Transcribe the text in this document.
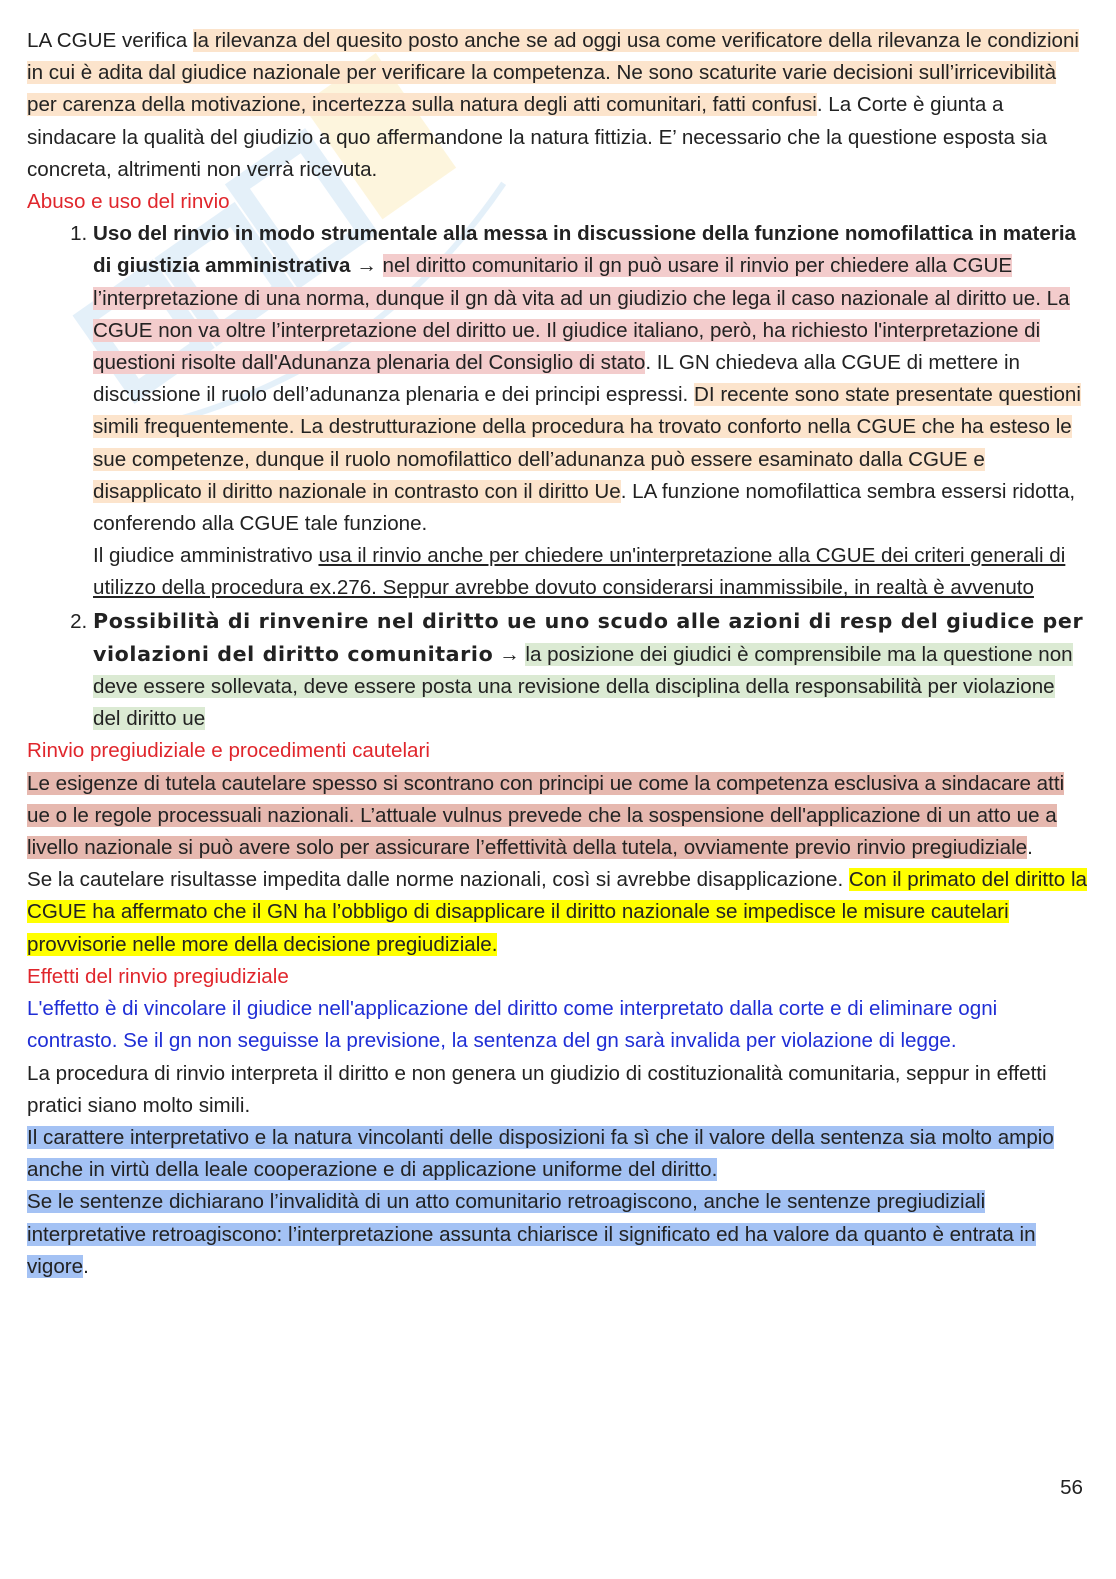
LA CGUE verifica la rilevanza del quesito posto anche se ad oggi usa come verificatore della rilevanza le condizioni in cui è adita dal giudice nazionale per verificare la competenza. Ne sono scaturite varie decisioni sull’irricevibilità per carenza della motivazione, incertezza sulla natura degli atti comunitari, fatti confusi. La Corte è giunta a sindacare la qualità del giudizio a quo affermandone la natura fittizia. E’ necessario che la questione esposta sia concreta, altrimenti non verrà ricevuta.

Abuso e uso del rinvio

1. Uso del rinvio in modo strumentale alla messa in discussione della funzione nomofilattica in materia di giustizia amministrativa → nel diritto comunitario il gn può usare il rinvio per chiedere alla CGUE l’interpretazione di una norma, dunque il gn dà vita ad un giudizio che lega il caso nazionale al diritto ue. La CGUE non va oltre l’interpretazione del diritto ue. Il giudice italiano, però, ha richiesto l'interpretazione di questioni risolte dall'Adunanza plenaria del Consiglio di stato. IL GN chiedeva alla CGUE di mettere in discussione il ruolo dell’adunanza plenaria e dei principi espressi. DI recente sono state presentate questioni simili frequentemente. La destrutturazione della procedura ha trovato conforto nella CGUE che ha esteso le sue competenze, dunque il ruolo nomofilattico dell’adunanza può essere esaminato dalla CGUE e disapplicato il diritto nazionale in contrasto con il diritto Ue. LA funzione nomofilattica sembra essersi ridotta, conferendo alla CGUE tale funzione.

Il giudice amministrativo usa il rinvio anche per chiedere un'interpretazione alla CGUE dei criteri generali di utilizzo della procedura ex.276. Seppur avrebbe dovuto considerarsi inammissibile, in realtà è avvenuto

2. Possibilità di rinvenire nel diritto ue uno scudo alle azioni di resp del giudice per violazioni del diritto comunitario → la posizione dei giudici è comprensibile ma la questione non deve essere sollevata, deve essere posta una revisione della disciplina della responsabilità per violazione del diritto ue

Rinvio pregiudiziale e procedimenti cautelari

Le esigenze di tutela cautelare spesso si scontrano con principi ue come la competenza esclusiva a sindacare atti ue o le regole processuali nazionali. L’attuale vulnus prevede che la sospensione dell'applicazione di un atto ue a livello nazionale si può avere solo per assicurare l’effettività della tutela, ovviamente previo rinvio pregiudiziale.

Se la cautelare risultasse impedita dalle norme nazionali, così si avrebbe disapplicazione. Con il primato del diritto la CGUE ha affermato che il GN ha l’obbligo di disapplicare il diritto nazionale se impedisce le misure cautelari provvisorie nelle more della decisione pregiudiziale.

Effetti del rinvio pregiudiziale

L'effetto è di vincolare il giudice nell'applicazione del diritto come interpretato dalla corte e di eliminare ogni contrasto. Se il gn non seguisse la previsione, la sentenza del gn sarà invalida per violazione di legge.

La procedura di rinvio interpreta il diritto e non genera un giudizio di costituzionalità comunitaria, seppur in effetti pratici siano molto simili.

Il carattere interpretativo e la natura vincolanti delle disposizioni fa sì che il valore della sentenza sia molto ampio anche in virtù della leale cooperazione e di applicazione uniforme del diritto.

Se le sentenze dichiarano l’invalidità di un atto comunitario retroagiscono, anche le sentenze pregiudiziali interpretative retroagiscono: l’interpretazione assunta chiarisce il significato ed ha valore da quanto è entrata in vigore.

56
